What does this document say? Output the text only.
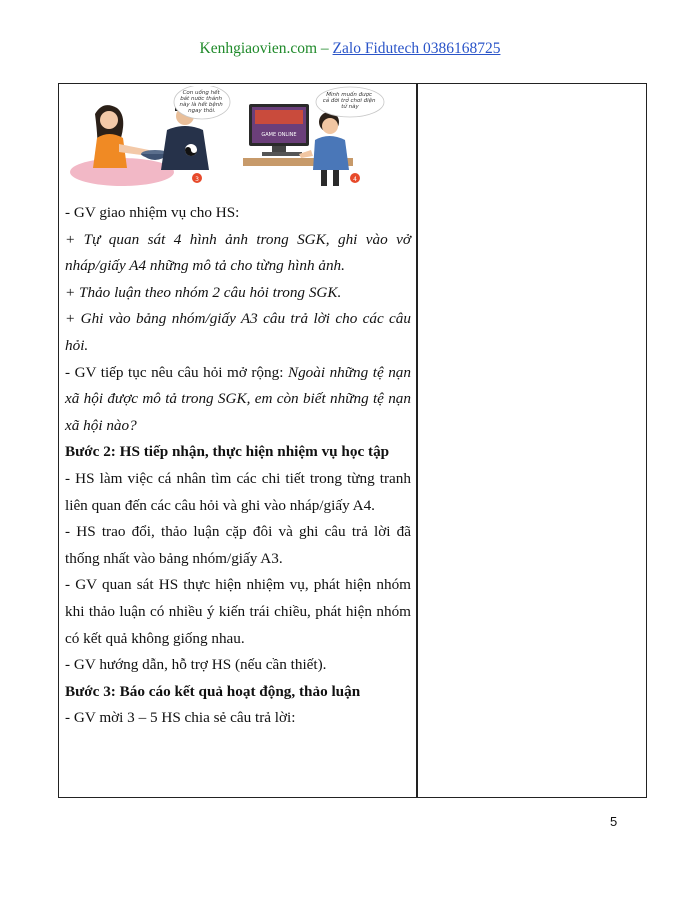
Kenhgiaovien.com – Zalo Fidutech 0386168725
3
Con uống hết bát nước thánh này là hết bệnh ngay thôi.
GAME ONLINE
4
Mình muốn được cả đời trở chơi điện tử này

- GV giao nhiệm vụ cho HS:

+ Tự quan sát 4 hình ảnh trong SGK, ghi vào vở nháp/giấy A4 những mô tả cho từng hình ảnh.

+ Thảo luận theo nhóm 2 câu hỏi trong SGK.

+ Ghi vào bảng nhóm/giấy A3 câu trả lời cho các câu hỏi.

- GV tiếp tục nêu câu hỏi mở rộng: Ngoài những tệ nạn xã hội được mô tả trong SGK, em còn biết những tệ nạn xã hội nào?

Bước 2: HS tiếp nhận, thực hiện nhiệm vụ học tập

- HS làm việc cá nhân tìm các chi tiết trong từng tranh liên quan đến các câu hỏi và ghi vào nháp/giấy A4.

- HS trao đổi, thảo luận cặp đôi và ghi câu trả lời đã thống nhất vào bảng nhóm/giấy A3.

- GV quan sát HS thực hiện nhiệm vụ, phát hiện nhóm khi thảo luận có nhiều ý kiến trái chiều, phát hiện nhóm có kết quả không giống nhau.

- GV hướng dẫn, hỗ trợ HS (nếu cần thiết).

Bước 3: Báo cáo kết quả hoạt động, thảo luận

- GV mời 3 – 5 HS chia sẻ câu trả lời:

5
